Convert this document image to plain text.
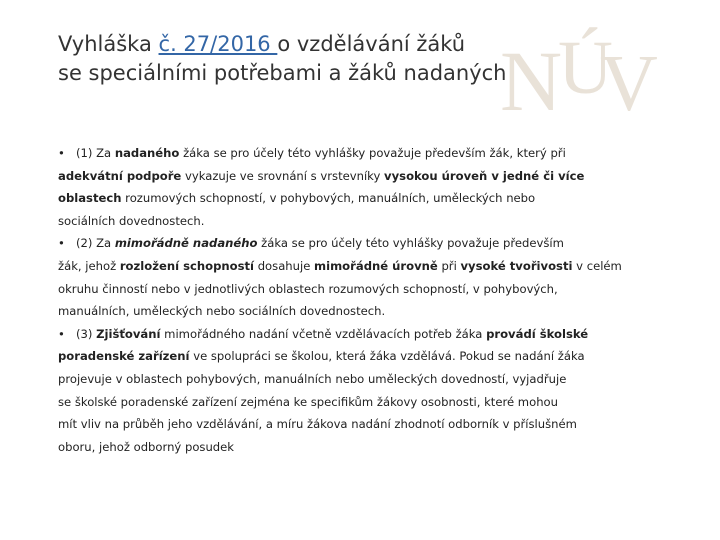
N
Ú
V
Vyhláška č. 27/2016 o vzdělávání žáků
se speciálními potřebami a žáků nadaných

• (1) Za nadaného žáka se pro účely této vyhlášky považuje především žák, který při
adekvátní podpoře vykazuje ve srovnání s vrstevníky vysokou úroveň v jedné či více
oblastech rozumových schopností, v pohybových, manuálních, uměleckých nebo
sociálních dovednostech.

• (2) Za mimořádně nadaného žáka se pro účely této vyhlášky považuje především
žák, jehož rozložení schopností dosahuje mimořádné úrovně při vysoké tvořivosti v celém
okruhu činností nebo v jednotlivých oblastech rozumových schopností, v pohybových,
manuálních, uměleckých nebo sociálních dovednostech.

• (3) Zjišťování mimořádného nadání včetně vzdělávacích potřeb žáka provádí školské
poradenské zařízení ve spolupráci se školou, která žáka vzdělává. Pokud se nadání žáka
projevuje v oblastech pohybových, manuálních nebo uměleckých dovedností, vyjadřuje
se školské poradenské zařízení zejména ke specifikům žákovy osobnosti, které mohou
mít vliv na průběh jeho vzdělávání, a míru žákova nadání zhodnotí odborník v příslušném
oboru, jehož odborný posudek
